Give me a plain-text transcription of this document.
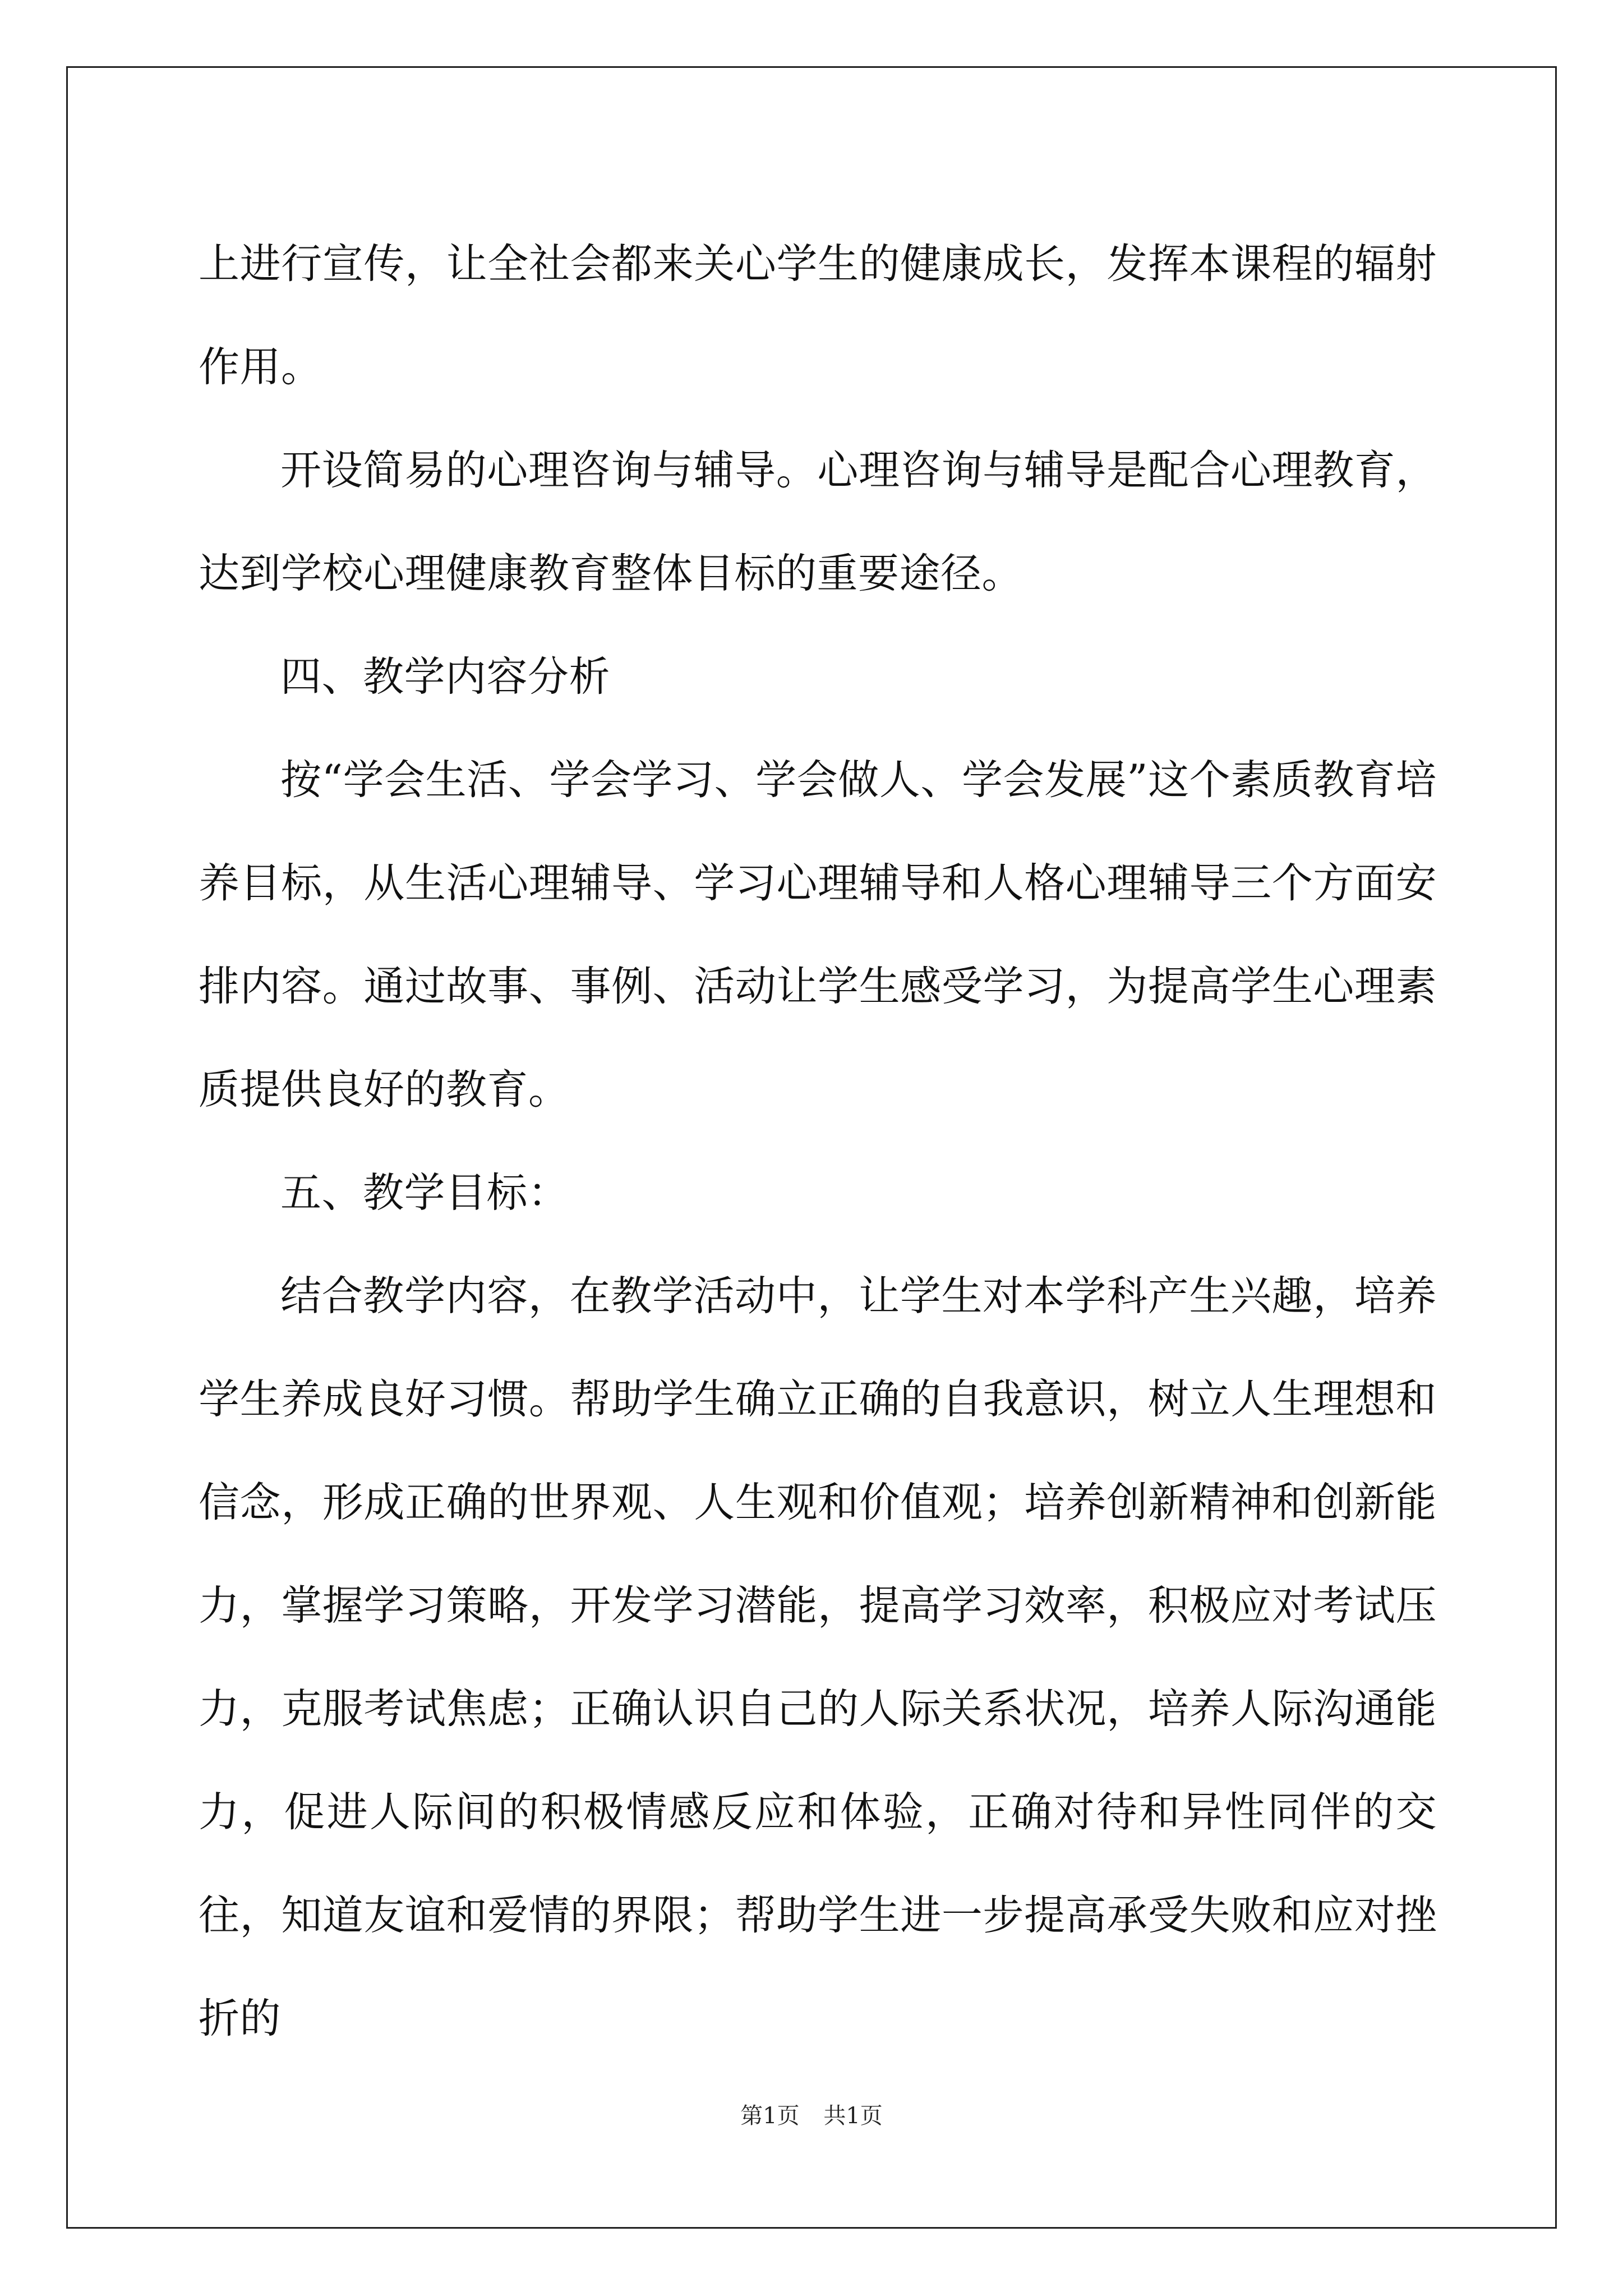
上进行宣传，让全社会都来关心学生的健康成长，发挥本课程的辐射作用。

开设简易的心理咨询与辅导。心理咨询与辅导是配合心理教育，达到学校心理健康教育整体目标的重要途径。

四、教学内容分析

按“学会生活、学会学习、学会做人、学会发展”这个素质教育培养目标，从生活心理辅导、学习心理辅导和人格心理辅导三个方面安排内容。通过故事、事例、活动让学生感受学习，为提高学生心理素质提供良好的教育。

五、教学目标：

结合教学内容，在教学活动中，让学生对本学科产生兴趣，培养学生养成良好习惯。帮助学生确立正确的自我意识，树立人生理想和信念，形成正确的世界观、人生观和价值观；培养创新精神和创新能力，掌握学习策略，开发学习潜能，提高学习效率，积极应对考试压力，克服考试焦虑；正确认识自己的人际关系状况，培养人际沟通能力，促进人际间的积极情感反应和体验，正确对待和异性同伴的交往，知道友谊和爱情的界限；帮助学生进一步提高承受失败和应对挫折的

第1页 共1页
